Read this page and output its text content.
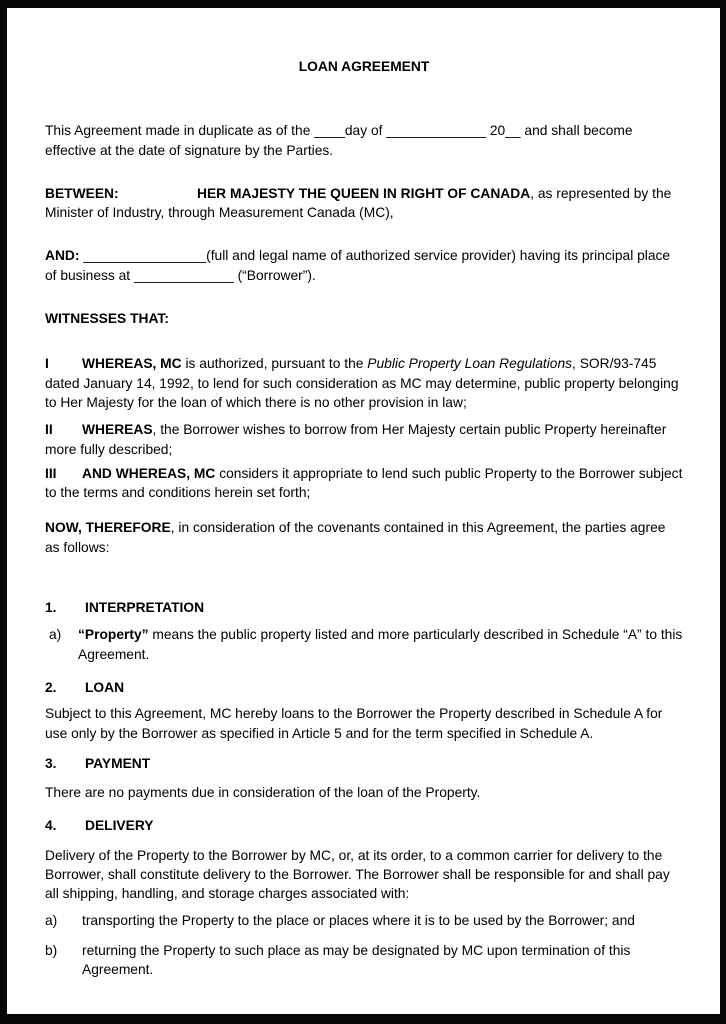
LOAN AGREEMENT

This Agreement made in duplicate as of the ____day of _____________ 20__ and shall become effective at the date of signature by the Parties.

BETWEEN:	HER MAJESTY THE QUEEN IN RIGHT OF CANADA, as represented by the Minister of Industry, through Measurement Canada (MC),

AND: ________________(full and legal name of authorized service provider) having its principal place of business at _____________ (“Borrower”).

WITNESSES THAT:

I WHEREAS, MC is authorized, pursuant to the Public Property Loan Regulations, SOR/93-745 dated January 14, 1992, to lend for such consideration as MC may determine, public property belonging to Her Majesty for the loan of which there is no other provision in law;

II WHEREAS, the Borrower wishes to borrow from Her Majesty certain public Property hereinafter more fully described;

III AND WHEREAS, MC considers it appropriate to lend such public Property to the Borrower subject to the terms and conditions herein set forth;

NOW, THEREFORE, in consideration of the covenants contained in this Agreement, the parties agree as follows:

1.	INTERPRETATION
a)	“Property” means the public property listed and more particularly described in Schedule “A” to this Agreement.
2.	LOAN

Subject to this Agreement, MC hereby loans to the Borrower the Property described in Schedule A for use only by the Borrower as specified in Article 5 and for the term specified in Schedule A.

3.	PAYMENT

There are no payments due in consideration of the loan of the Property.

4.	DELIVERY

Delivery of the Property to the Borrower by MC, or, at its order, to a common carrier for delivery to the Borrower, shall constitute delivery to the Borrower. The Borrower shall be responsible for and shall pay all shipping, handling, and storage charges associated with:

a)	transporting the Property to the place or places where it is to be used by the Borrower; and
b)	returning the Property to such place as may be designated by MC upon termination of this Agreement.
